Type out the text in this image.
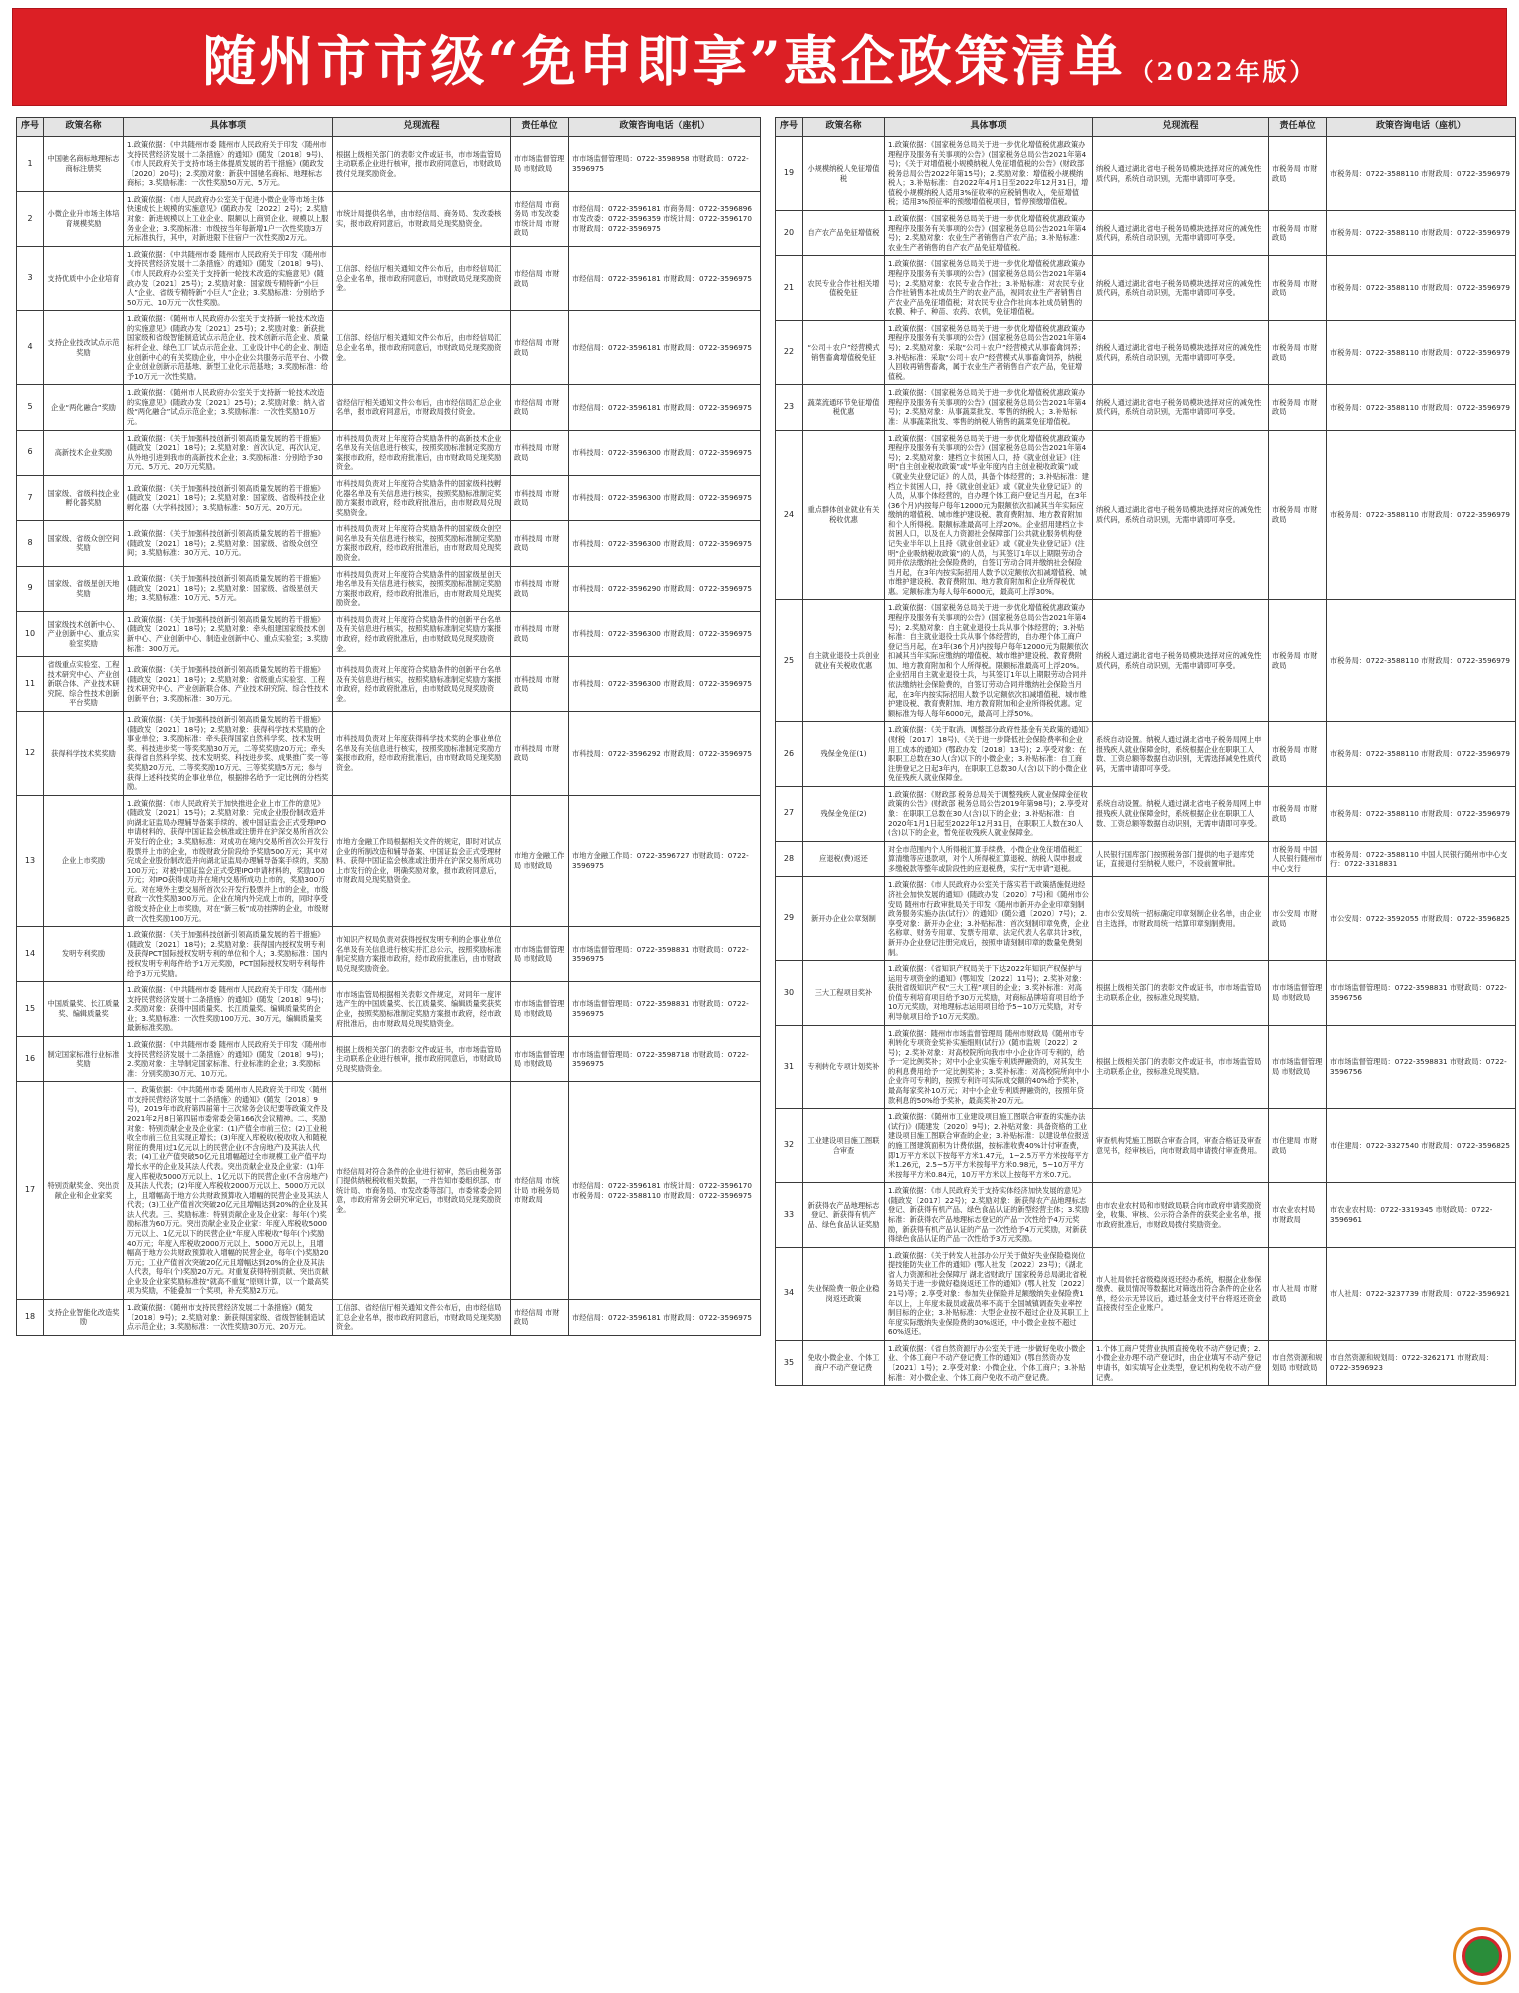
随州市市级“免申即享”惠企政策清单 （2022年版）
序号	政策名称	具体事项	兑现流程	责任单位	政策咨询电话（座机）
1	中国驰名商标地理标志商标注册奖	1.政策依据：《中共随州市委 随州市人民政府关于印发〈随州市支持民营经济发展十二条措施〉的通知》(随发〔2018〕9号)、《市人民政府关于支持市场主体提质发展的若干措施》(随政发〔2020〕20号)；2.奖励对象：新获中国驰名商标、地理标志商标；3.奖励标准：一次性奖励50万元、5万元。	根据上级相关部门的表彰文件或证书，市市场监管局主动联系企业进行核审，报市政府同意后，市财政局拨付兑现奖励资金。	市市场监督管理局 市财政局	市市场监督管理局：0722-3598958 市财政局：0722-3596975
2	小微企业升市场主体培育规模奖励	1.政策依据：《市人民政府办公室关于促进小微企业等市场主体快速成长上规模的实施意见》(随政办发〔2022〕2号)；2.奖励对象：新进规模以上工业企业、限额以上商贸企业、规模以上服务业企业；3.奖励标准：市级按当年每新增1户一次性奖励3万元标准执行，其中，对新进限下住宿户一次性奖励2万元。	市统计局提供名单，由市经信局、商务局、发改委核实，报市政府同意后，市财政局兑现奖励资金。	市经信局 市商务局 市发改委 市统计局 市财政局	市经信局：0722-3596181 市商务局：0722-3596896 市发改委：0722-3596359 市统计局：0722-3596170 市财政局：0722-3596975
3	支持优质中小企业培育	1.政策依据：《中共随州市委 随州市人民政府关于印发〈随州市支持民营经济发展十二条措施〉的通知》(随发〔2018〕9号)、《市人民政府办公室关于支持新一轮技术改造的实施意见》(随政办发〔2021〕25号)；2.奖励对象：国家级专精特新“小巨人”企业、省级专精特新“小巨人”企业；3.奖励标准：分别给予50万元、10万元一次性奖励。	工信部、经信厅相关通知文件公布后，由市经信局汇总企业名单，报市政府同意后，市财政局兑现奖励资金。	市经信局 市财政局	市经信局：0722-3596181 市财政局：0722-3596975
4	支持企业技改试点示范奖励	1.政策依据：《随州市人民政府办公室关于支持新一轮技术改造的实施意见》(随政办发〔2021〕25号)；2.奖励对象：新获批国家级和省级智能制造试点示范企业、技术创新示范企业、质量标杆企业、绿色工厂试点示范企业、工业设计中心的企业、制造业创新中心的有关奖励企业，中小企业公共服务示范平台、小微企业创业创新示范基地、新型工业化示范基地；3.奖励标准：给予10万元一次性奖励。	工信部、经信厅相关通知文件公布后，由市经信局汇总企业名单，报市政府同意后，市财政局兑现奖励资金。	市经信局 市财政局	市经信局：0722-3596181 市财政局：0722-3596975
5	企业“两化融合”奖励	1.政策依据：《随州市人民政府办公室关于支持新一轮技术改造的实施意见》(随政办发〔2021〕25号)；2.奖励对象：纳入省级“两化融合”试点示范企业；3.奖励标准：一次性奖励10万元。	省经信厅相关通知文件公布后，由市经信局汇总企业名单，报市政府同意后，市财政局拨付资金。	市经信局 市财政局	市经信局：0722-3596181 市财政局：0722-3596975
6	高新技术企业奖励	1.政策依据：《关于加强科技创新引领高质量发展的若干措施》(随政发〔2021〕18号)；2.奖励对象：首次认定、再次认定、从外地引进到我市的高新技术企业；3.奖励标准：分别给予30万元、5万元、20万元奖励。	市科技局负责对上年度符合奖励条件的高新技术企业名单及有关信息进行核实，按照奖励标准制定奖励方案报市政府，经市政府批准后，由市财政局兑现奖励资金。	市科技局 市财政局	市科技局：0722-3596300 市财政局：0722-3596975
7	国家级、省级科技企业孵化器奖励	1.政策依据：《关于加强科技创新引领高质量发展的若干措施》(随政发〔2021〕18号)；2.奖励对象：国家级、省级科技企业孵化器（大学科技园）；3.奖励标准：50万元、20万元。	市科技局负责对上年度符合奖励条件的国家级科技孵化器名单及有关信息进行核实，按照奖励标准制定奖励方案报市政府，经市政府批准后，由市财政局兑现奖励资金。	市科技局 市财政局	市科技局：0722-3596300 市财政局：0722-3596975
8	国家级、省级众创空间奖励	1.政策依据：《关于加强科技创新引领高质量发展的若干措施》(随政发〔2021〕18号)；2.奖励对象：国家级、省级众创空间；3.奖励标准：30万元、10万元。	市科技局负责对上年度符合奖励条件的国家级众创空间名单及有关信息进行核实，按照奖励标准制定奖励方案报市政府，经市政府批准后，由市财政局兑现奖励资金。	市科技局 市财政局	市科技局：0722-3596300 市财政局：0722-3596975
9	国家级、省级星创天地奖励	1.政策依据：《关于加强科技创新引领高质量发展的若干措施》(随政发〔2021〕18号)；2.奖励对象：国家级、省级星创天地；3.奖励标准：10万元、5万元。	市科技局负责对上年度符合奖励条件的国家级星创天地名单及有关信息进行核实，按照奖励标准制定奖励方案报市政府，经市政府批准后，由市财政局兑现奖励资金。	市科技局 市财政局	市科技局：0722-3596290 市财政局：0722-3596975
10	国家级技术创新中心、产业创新中心、重点实验室奖励	1.政策依据：《关于加强科技创新引领高质量发展的若干措施》(随政发〔2021〕18号)；2.奖励对象：牵头组建国家级技术创新中心、产业创新中心、制造业创新中心、重点实验室；3.奖励标准：300万元。	市科技局负责对上年度符合奖励条件的创新平台名单及有关信息进行核实，按照奖励标准制定奖励方案报市政府，经市政府批准后，由市财政局兑现奖励资金。	市科技局 市财政局	市科技局：0722-3596300 市财政局：0722-3596975
11	省级重点实验室、工程技术研究中心、产业创新联合体、产业技术研究院、综合性技术创新平台奖励	1.政策依据：《关于加强科技创新引领高质量发展的若干措施》(随政发〔2021〕18号)；2.奖励对象：省级重点实验室、工程技术研究中心、产业创新联合体、产业技术研究院、综合性技术创新平台；3.奖励标准：30万元。	市科技局负责对上年度符合奖励条件的创新平台名单及有关信息进行核实，按照奖励标准制定奖励方案报市政府，经市政府批准后，由市财政局兑现奖励资金。	市科技局 市财政局	市科技局：0722-3596300 市财政局：0722-3596975
12	获得科学技术奖奖励	1.政策依据：《关于加强科技创新引领高质量发展的若干措施》(随政发〔2021〕18号)；2.奖励对象：获得科学技术奖励的企事业单位；3.奖励标准：牵头获得国家自然科学奖、技术发明奖、科技进步奖一等奖奖励30万元，二等奖奖励20万元；牵头获得省自然科学奖、技术发明奖、科技进步奖、成果推广奖一等奖奖励20万元、二等奖奖励10万元、三等奖奖励5万元；参与获得上述科技奖的企事业单位，根据排名给予一定比例的分档奖励。	市科技局负责对上年度获得科学技术奖的企事业单位名单及有关信息进行核实，按照奖励标准制定奖励方案报市政府，经市政府批准后，由市财政局兑现奖励资金。	市科技局 市财政局	市科技局：0722-3596292 市财政局：0722-3596975
13	企业上市奖励	1.政策依据：《市人民政府关于加快推进企业上市工作的意见》(随政发〔2021〕15号)；2.奖励对象：完成企业股份制改造并向湖北证监局办理辅导备案手续的、被中国证监会正式受理IPO申请材料的、获得中国证监会核准或注册并在沪深交易所首次公开发行的企业；3.奖励标准：对成功在境内交易所首次公开发行股票并上市的企业，市级财政分阶段给予奖励500万元；其中对完成企业股份制改造并向湖北证监局办理辅导备案手续的，奖励100万元；对被中国证监会正式受理IPO申请材料的，奖励100万元；对IPO获得成功并在境内交易所成功上市的，奖励300万元。对在境外主要交易所首次公开发行股票并上市的企业，市级财政一次性奖励300万元。企业在境内外完成上市的，同时享受省级支持企业上市奖励，对在“新三板”成功挂牌的企业，市级财政一次性奖励100万元。	市地方金融工作局根据相关文件的规定，即时对试点企业的所制改造和辅导备案、中国证监会正式受理材料、获得中国证监会核准或注册并在沪深交易所成功上市发行的企业，明确奖励对象，报市政府同意后，市财政局兑现奖励资金。	市地方金融工作局 市财政局	市地方金融工作局：0722-3596727 市财政局：0722-3596975
14	发明专利奖励	1.政策依据：《关于加强科技创新引领高质量发展的若干措施》(随政发〔2021〕18号)；2.奖励对象：获得国内授权发明专利及获得PCT国际授权发明专利的单位和个人；3.奖励标准：国内授权发明专利每件给予1万元奖励，PCT国际授权发明专利每件给予3万元奖励。	市知识产权局负责对获得授权发明专利的企事业单位名单及有关信息进行核实并汇总公示，按照奖励标准制定奖励方案报市政府，经市政府批准后，由市财政局兑现奖励资金。	市市场监督管理局 市财政局	市市场监督管理局：0722-3598831 市财政局：0722-3596975
15	中国质量奖、长江质量奖、编辑质量奖	1.政策依据：《中共随州市委 随州市人民政府关于印发〈随州市支持民营经济发展十二条措施〉的通知》(随发〔2018〕9号)；2.奖励对象：获得中国质量奖、长江质量奖、编辑质量奖的企业；3.奖励标准：一次性奖励100万元、30万元，编辑质量奖最新标准奖励。	市市场监管局根据相关表彰文件规定，对同年一度评选产生的中国质量奖、长江质量奖、编辑质量奖获奖企业，按照奖励标准制定奖励方案报市政府，经市政府批准后，由市财政局兑现奖励资金。	市市场监督管理局 市财政局	市市场监督管理局：0722-3598831 市财政局：0722-3596975
16	制定国家标准行业标准奖励	1.政策依据：《中共随州市委 随州市人民政府关于印发〈随州市支持民营经济发展十二条措施〉的通知》(随发〔2018〕9号)；2.奖励对象：主导制定国家标准、行业标准的企业；3.奖励标准：分别奖励30万元、10万元。	根据上级相关部门的表彰文件或证书，市市场监管局主动联系企业进行核审，报市政府同意后，市财政局兑现奖励资金。	市市场监督管理局 市财政局	市市场监督管理局：0722-3598718 市财政局：0722-3596975
17	特别贡献奖金、突出贡献企业和企业家奖	一、政策依据：《中共随州市委 随州市人民政府关于印发〈随州市支持民营经济发展十二条措施〉的通知》(随发〔2018〕9号)，2019年市政府第四届第十三次常务会议纪要等政策文件及2021年2月8日第四届市委常委会第166次会议精神。二、奖励对象：特别贡献企业及企业家：(1)产值全市前三位；(2)工业税收全市前三位且实现正增长；(3)年度入库税收(税收收入和随税附征的费用)过1亿元以上的民营企业(不含房地产)及其法人代表；(4)工业产值突破50亿元且增幅超过全市规模工业产值平均增长水平的企业及其法人代表。突出贡献企业及企业家：(1)年度入库税收5000万元以上、1亿元以下的民营企业(不含房地产)及其法人代表；(2)年度入库税收2000万元以上、5000万元以上，且增幅高于地方公共财政预算收入增幅的民营企业及其法人代表；(3)工业产值首次突破20亿元且增幅达到20%的企业及其法人代表。三、奖励标准：特别贡献企业及企业家：每年(个)奖励标准为60万元。突出贡献企业及企业家：年度入库税收5000万元以上、1亿元以下的民营企业“年度入库税收”每年(个)奖励40万元；年度入库税收2000万元以上、5000万元以上，且增幅高于地方公共财政预算收入增幅的民营企业，每年(个)奖励20万元；工业产值首次突破20亿元且增幅达到20%的企业及其法人代表，每年(个)奖励20万元。对重复获得特别贡献、突出贡献企业及企业家奖励标准按“就高不重复”原则计算，以一个最高奖项为奖励，不能叠加一个奖项，补充奖励2万元。	市经信局对符合条件的企业进行初审，然后由税务部门提供纳税税收相关数据，一并告知市委组织部、市统计局、市商务局、市发改委等部门，市委常委会同意，市政府常务会研究审定后，市财政局兑现奖励资金。	市经信局 市统计局 市税务局 市财政局	市经信局：0722-3596181 市统计局：0722-3596170 市税务局：0722-3588110 市财政局：0722-3596975
18	支持企业智能化改造奖励	1.政策依据：《随州市支持民营经济发展二十条措施》(随发〔2018〕9号)；2.奖励对象：新获得国家级、省级智能制造试点示范企业；3.奖励标准：一次性奖励30万元、20万元。	工信部、省经信厅相关通知文件公布后，由市经信局汇总企业名单，报市政府同意后，市财政局兑现奖励资金。	市经信局 市财政局	市经信局：0722-3596181 市财政局：0722-3596975
序号	政策名称	具体事项	兑现流程	责任单位	政策咨询电话（座机）
19	小规模纳税人免征增值税	1.政策依据：《国家税务总局关于进一步优化增值税优惠政策办理程序及服务有关事项的公告》(国家税务总局公告2021年第4号)；《关于对增值税小规模纳税人免征增值税的公告》(财政部 税务总局公告2022年第15号)；2.奖励对象：增值税小规模纳税人；3.补贴标准：自2022年4月1日至2022年12月31日，增值税小规模纳税人适用3%征收率的应税销售收入，免征增值税；适用3%预征率的预缴增值税项目，暂停预缴增值税。	纳税人通过湖北省电子税务局模块选择对应的减免性质代码，系统自动识别，无需申请即可享受。	市税务局 市财政局	市税务局：0722-3588110 市财政局：0722-3596979
20	自产农产品免征增值税	1.政策依据：《国家税务总局关于进一步优化增值税优惠政策办理程序及服务有关事项的公告》(国家税务总局公告2021年第4号)；2.奖励对象：农业生产者销售自产农产品；3.补贴标准：农业生产者销售的自产农产品免征增值税。	纳税人通过湖北省电子税务局模块选择对应的减免性质代码，系统自动识别，无需申请即可享受。	市税务局 市财政局	市税务局：0722-3588110 市财政局：0722-3596979
21	农民专业合作社相关增值税免征	1.政策依据：《国家税务总局关于进一步优化增值税优惠政策办理程序及服务有关事项的公告》(国家税务总局公告2021年第4号)；2.奖励对象：农民专业合作社；3.补贴标准：对农民专业合作社销售本社成员生产的农业产品，视同农业生产者销售自产农业产品免征增值税；对农民专业合作社向本社成员销售的农膜、种子、种苗、农药、农机，免征增值税。	纳税人通过湖北省电子税务局模块选择对应的减免性质代码，系统自动识别，无需申请即可享受。	市税务局 市财政局	市税务局：0722-3588110 市财政局：0722-3596979
22	“公司＋农户”经营模式销售畜禽增值税免征	1.政策依据：《国家税务总局关于进一步优化增值税优惠政策办理程序及服务有关事项的公告》(国家税务总局公告2021年第4号)；2.奖励对象：采取“公司＋农户”经营模式从事畜禽饲养；3.补贴标准：采取“公司＋农户”经营模式从事畜禽饲养，纳税人回收再销售畜禽，属于农业生产者销售自产农产品，免征增值税。	纳税人通过湖北省电子税务局模块选择对应的减免性质代码，系统自动识别，无需申请即可享受。	市税务局 市财政局	市税务局：0722-3588110 市财政局：0722-3596979
23	蔬菜流通环节免征增值税优惠	1.政策依据：《国家税务总局关于进一步优化增值税优惠政策办理程序及服务有关事项的公告》(国家税务总局公告2021年第4号)；2.奖励对象：从事蔬菜批发、零售的纳税人；3.补贴标准：从事蔬菜批发、零售的纳税人销售的蔬菜免征增值税。	纳税人通过湖北省电子税务局模块选择对应的减免性质代码，系统自动识别，无需申请即可享受。	市税务局 市财政局	市税务局：0722-3588110 市财政局：0722-3596979
24	重点群体创业就业有关税收优惠	1.政策依据：《国家税务总局关于进一步优化增值税优惠政策办理程序及服务有关事项的公告》(国家税务总局公告2021年第4号)；2.奖励对象：建档立卡贫困人口，持《就业创业证》(注明“自主创业税收政策”或“毕业年度内自主创业税收政策”)或《就业失业登记证》的人员，具备个体经营的；3.补贴标准：建档立卡贫困人口，持《就业创业证》或《就业失业登记证》的人员，从事个体经营的，自办理个体工商户登记当月起，在3年(36个月)内按每户每年12000元为限额依次扣减其当年实际应缴纳的增值税、城市维护建设税、教育费附加、地方教育附加和个人所得税。限额标准最高可上浮20%。企业招用建档立卡贫困人口，以及在人力资源社会保障部门公共就业服务机构登记失业半年以上且持《就业创业证》或《就业失业登记证》(注明“企业吸纳税收政策”)的人员，与其签订1年以上期限劳动合同并依法缴纳社会保险费的，自签订劳动合同并缴纳社会保险当月起，在3年内按实际招用人数予以定额依次扣减增值税、城市维护建设税、教育费附加、地方教育附加和企业所得税优惠。定额标准为每人每年6000元，最高可上浮30%。	纳税人通过湖北省电子税务局模块选择对应的减免性质代码，系统自动识别，无需申请即可享受。	市税务局 市财政局	市税务局：0722-3588110 市财政局：0722-3596979
25	自主就业退役士兵创业就业有关税收优惠	1.政策依据：《国家税务总局关于进一步优化增值税优惠政策办理程序及服务有关事项的公告》(国家税务总局公告2021年第4号)；2.奖励对象：自主就业退役士兵从事个体经营的；3.补贴标准：自主就业退役士兵从事个体经营的，自办理个体工商户登记当月起，在3年(36个月)内按每户每年12000元为限额依次扣减其当年实际应缴纳的增值税、城市维护建设税、教育费附加、地方教育附加和个人所得税。限额标准最高可上浮20%。企业招用自主就业退役士兵，与其签订1年以上期限劳动合同并依法缴纳社会保险费的，自签订劳动合同并缴纳社会保险当月起，在3年内按实际招用人数予以定额依次扣减增值税、城市维护建设税、教育费附加、地方教育附加和企业所得税优惠。定额标准为每人每年6000元，最高可上浮50%。	纳税人通过湖北省电子税务局模块选择对应的减免性质代码，系统自动识别，无需申请即可享受。	市税务局 市财政局	市税务局：0722-3588110 市财政局：0722-3596979
26	残保金免征(1)	1.政策依据：《关于取消、调整部分政府性基金有关政策的通知》(财税〔2017〕18号)、《关于进一步降低社会保险费率和企业用工成本的通知》(鄂政办发〔2018〕13号)；2.享受对象：在职职工总数在30人(含)以下的小微企业；3.补贴标准：自工商注册登记之日起3年内，在职职工总数30人(含)以下的小微企业免征残疾人就业保障金。	系统自动设置。纳税人通过湖北省电子税务局网上申报残疾人就业保障金时，系统根据企业在职职工人数、工资总额等数据自动识别，无需选择减免性质代码，无需申请即可享受。	市税务局 市财政局	市税务局：0722-3588110 市财政局：0722-3596979
27	残保金免征(2)	1.政策依据：《财政部 税务总局关于调整残疾人就业保障金征收政策的公告》(财政部 税务总局公告2019年第98号)；2.享受对象：在职职工总数在30人(含)以下的企业；3.补贴标准：自2020年1月1日起至2022年12月31日，在职职工人数在30人(含)以下的企业，暂免征收残疾人就业保障金。	系统自动设置。纳税人通过湖北省电子税务局网上申报残疾人就业保障金时，系统根据企业在职职工人数、工资总额等数据自动识别，无需申请即可享受。	市税务局 市财政局	市税务局：0722-3588110 市财政局：0722-3596979
28	应退税(费)返还	对全市范围内个人所得税汇算手续费、小微企业免征增值税汇算清缴等应退款项，对个人所得税汇算退税、纳税人误申报或多缴税款等整年或阶段性的应退税费，实行“无申请”退税。	人民银行国库部门按照税务部门提供的电子退库凭证，直接退付至纳税人账户，不设前置审批。	市税务局 中国人民银行随州市中心支行	市税务局：0722-3588110 中国人民银行随州市中心支行：0722-3318831
29	新开办企业公章刻制	1.政策依据：《市人民政府办公室关于落实若干政策措施促进经济社会加快发展的通知》(随政办发〔2020〕7号)和《随州市公安局 随州市行政审批局关于印发〈随州市新开办企业印章刻制政务服务实施办法(试行)〉的通知》(随公通〔2020〕7号)；2.享受对象：新开办企业；3.补贴标准：首次刻制印章免费，企业名称章、财务专用章、发票专用章、法定代表人名章共计3枚，新开办企业登记注册完成后，按照申请刻制印章的数量免费刻制。	由市公安局统一招标确定印章刻制企业名单，由企业自主选择，市财政局统一结算印章刻制费用。	市公安局 市财政局	市公安局：0722-3592055 市财政局：0722-3596825
30	三大工程项目奖补	1.政策依据：《省知识产权局关于下达2022年知识产权保护与运用专项资金的通知》(鄂知发〔2022〕11号)；2.奖补对象：获批省级知识产权“三大工程”项目的企业；3.奖补标准：对高价值专利培育项目给予30万元奖励，对商标品牌培育项目给予10万元奖励，对地理标志运用项目给予5~10万元奖励，对专利导航项目给予10万元奖励。	根据上级相关部门的表彰文件或证书，市市场监管局主动联系企业，按标准兑现奖励。	市市场监督管理局 市财政局	市市场监督管理局：0722-3598831 市财政局：0722-3596756
31	专利转化专项计划奖补	1.政策依据：随州市市场监督管理局 随州市财政局《随州市专利转化专项资金奖补实施细则(试行)》(随市监规〔2022〕2号)；2.奖补对象：对高校院所向我市中小企业许可专利的，给予一定比例奖补；对中小企业实施专利质押融资的，对其发生的利息费用给予一定比例奖补；3.奖补标准：对高校院所向中小企业许可专利的，按照专利许可实际成交额的40%给予奖补，最高每家奖补10万元；对中小企业专利质押融资的，按照年贷款利息的50%给予奖补，最高奖补20万元。	根据上级相关部门的表彰文件或证书，市市场监管局主动联系企业，按标准兑现奖励。	市市场监督管理局 市财政局	市市场监督管理局：0722-3598831 市财政局：0722-3596756
32	工业建设项目施工图联合审查	1.政策依据：《随州市工业建设项目施工图联合审查的实施办法(试行)》(随建发〔2020〕9号)；2.补贴对象：具备资格的工业建设项目施工图联合审查的企业；3.补贴标准：以建设单位报送的施工图建筑面积为计费依据，按标准收费40%计付审查费，即1万平方米以下按每平方米1.47元，1~2.5万平方米按每平方米1.26元，2.5~5万平方米按每平方米0.98元，5~10万平方米按每平方米0.84元，10万平方米以上按每平方米0.7元。	审查机构凭施工图联合审查合同，审查合格证及审查意见书，经审核后，向市财政局申请拨付审查费用。	市住建局 市财政局	市住建局：0722-3327540 市财政局：0722-3596825
33	新获得农产品地理标志登记、新获得有机产品、绿色食品认证奖励	1.政策依据：《市人民政府关于支持实体经济加快发展的意见》(随政发〔2017〕22号)；2.奖励对象：新获得农产品地理标志登记、新获得有机产品、绿色食品认证的新型经营主体；3.奖励标准：新获得农产品地理标志登记的产品一次性给予4万元奖励，新获得有机产品认证的产品一次性给予4万元奖励，对新获得绿色食品认证的产品一次性给予3万元奖励。	由市农业农村局和市财政局联合向市政府申请奖励资金，收集、审核、公示符合条件的获奖企业名单，报市政府批准后，市财政局拨付奖励资金。	市农业农村局 市财政局	市农业农村局：0722-3319345 市财政局：0722-3596961
34	失业保险费一般企业稳岗返还政策	1.政策依据：《关于转发人社部办公厅关于做好失业保险稳岗位提技能防失业工作的通知》(鄂人社发〔2022〕23号)；《湖北省人力资源和社会保障厅 湖北省财政厅 国家税务总局湖北省税务局关于进一步做好稳岗返还工作的通知》(鄂人社发〔2022〕21号)等；2.享受对象：参加失业保险并足额缴纳失业保险费1年以上，上年度未裁员或裁员率不高于全国城镇调查失业率控制目标的企业；3.补贴标准：大型企业按不超过企业及其职工上年度实际缴纳失业保险费的30%返还，中小微企业按不超过60%返还。	市人社局依托省级稳岗返还经办系统，根据企业参保缴费、裁员情况等数据比对筛选出符合条件的企业名单，经公示无异议后，通过基金支付平台将返还资金直接拨付至企业账户。	市人社局 市财政局	市人社局：0722-3237739 市财政局：0722-3596921
35	免收小微企业、个体工商户不动产登记费	1.政策依据：《省自然资源厅办公室关于进一步做好免收小微企业、个体工商户不动产登记费工作的通知》(鄂自然资办发〔2021〕1号)；2.享受对象：小微企业、个体工商户；3.补贴标准：对小微企业、个体工商户免收不动产登记费。	1.个体工商户凭营业执照直接免收不动产登记费；2.小微企业办理不动产登记时，由企业填写不动产登记申请书，如实填写企业类型，登记机构免收不动产登记费。	市自然资源和规划局 市财政局	市自然资源和规划局：0722-3262171 市财政局：0722-3596923
